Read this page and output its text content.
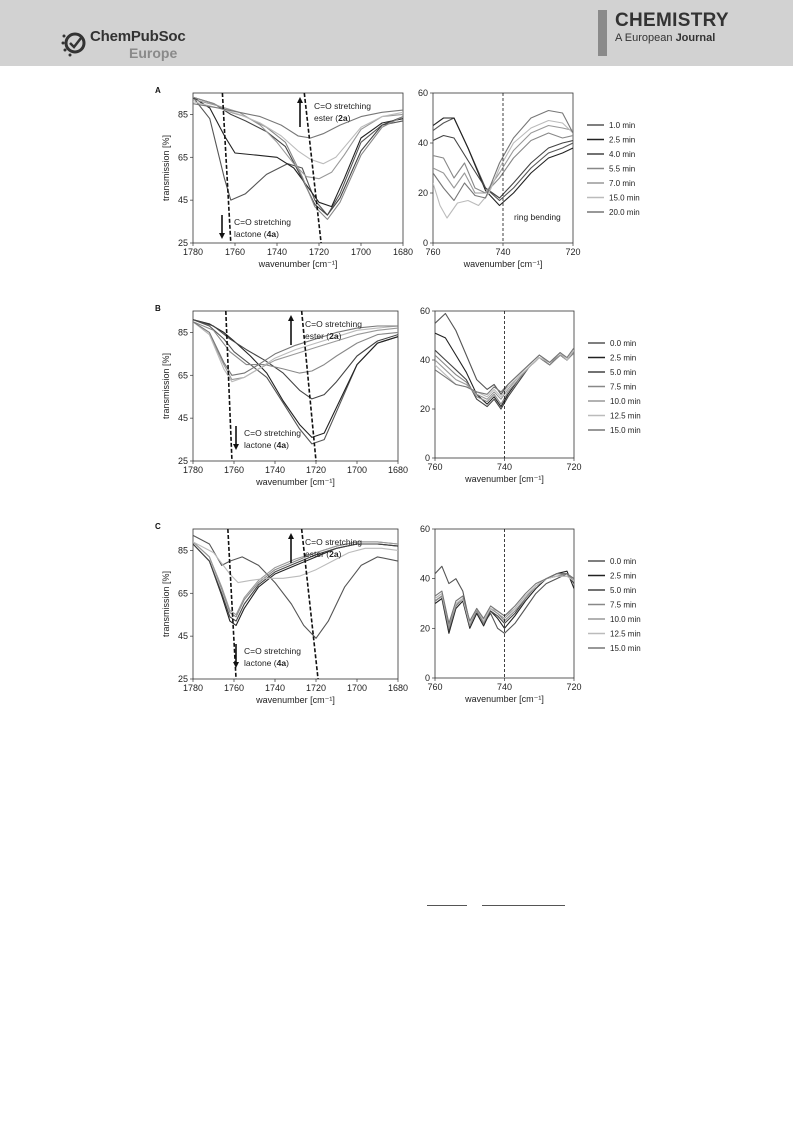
ChemPubSoc
Europe
CHEMISTRY
A European Journal
1780 1760 1740 1720 1700 1680
25
45
65
85
wavenumber [cm⁻¹]
transmission [%]
760	740	720
0
20
40
60
wavenumber [cm⁻¹]
1.0 min
2.5 min
4.0 min
5.5 min
7.0 min
15.0 min
20.0 min
1780 1760 1740 1720 1700 1680
25
45
65
85
wavenumber [cm⁻¹]
transmission [%]
760	740	720
0
20
40
60
wavenumber [cm⁻¹]
0.0 min
2.5 min
5.0 min
7.5 min
10.0 min
12.5 min
15.0 min
1780 1760 1740 1720 1700 1680
25
45
65
85
wavenumber [cm⁻¹]
transmission [%]
760	740	720
0
20
40
60
wavenumber [cm⁻¹]
0.0 min
2.5 min
5.0 min
7.5 min
10.0 min
12.5 min
15.0 min
A
C=O stretching
ester (2a)
C=O stretching
lactone (4a)
ring bending
B
C=O stretching
ester (2a)
C=O stretching
lactone (4a)
C
C=O stretching
ester (2a)
C=O stretching
lactone (4a)
